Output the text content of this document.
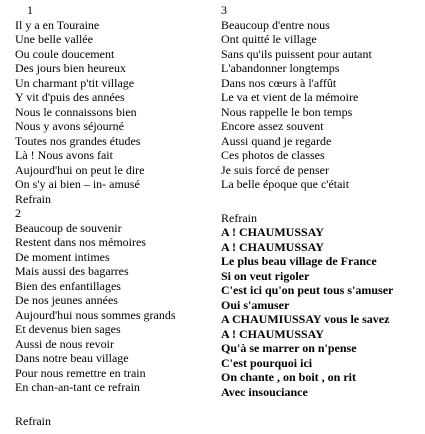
1
Il y a en Touraine
Une belle vallée
Ou coule doucement
Des jours bien heureux
Un charmant p'tit village
Y vit d'puis des années
Nous le connaissons bien
Nous y avons séjourné
Toutes nos grandes études
Là ! Nous avons fait
Aujourd'hui on peut le dire
On s'y ai bien – in- amusé
Refrain
2
Beaucoup de souvenir
Restent dans nos mémoires
De moment intimes
Mais aussi des bagarres
Bien des enfantillages
De nos jeunes années
Aujourd'hui nous sommes grands
Et devenus bien sages
Aussi de nous revoir
Dans notre beau village
Pour nous remettre en train
En chan-an-tant ce refrain
Refrain
3
Beaucoup d'entre nous
Ont quitté le village
Sans qu'ils puissent pour autant
L'abandonner longtemps
Dans nos cœurs à l'affût
Le va et vient de la mémoire
Nous rappelle le bon temps
Encore assez souvent
Aussi quand je regarde
Ces photos de classes
Je suis forcé de penser
La belle époque que c'était
Refrain
A ! CHAUMUSSAY
A ! CHAUMUSSAY
Le plus beau village de France
Si on veut rigoler
C'est ici qu'on peut tous s'amuser
Oui s'amuser
A CHAUMIUSSAY vous le savez
A ! CHAUMUSSAY
Qu'à se marrer on n'pense
C'est pourquoi ici
On chante , on boit , on rit
Avec insouciance
